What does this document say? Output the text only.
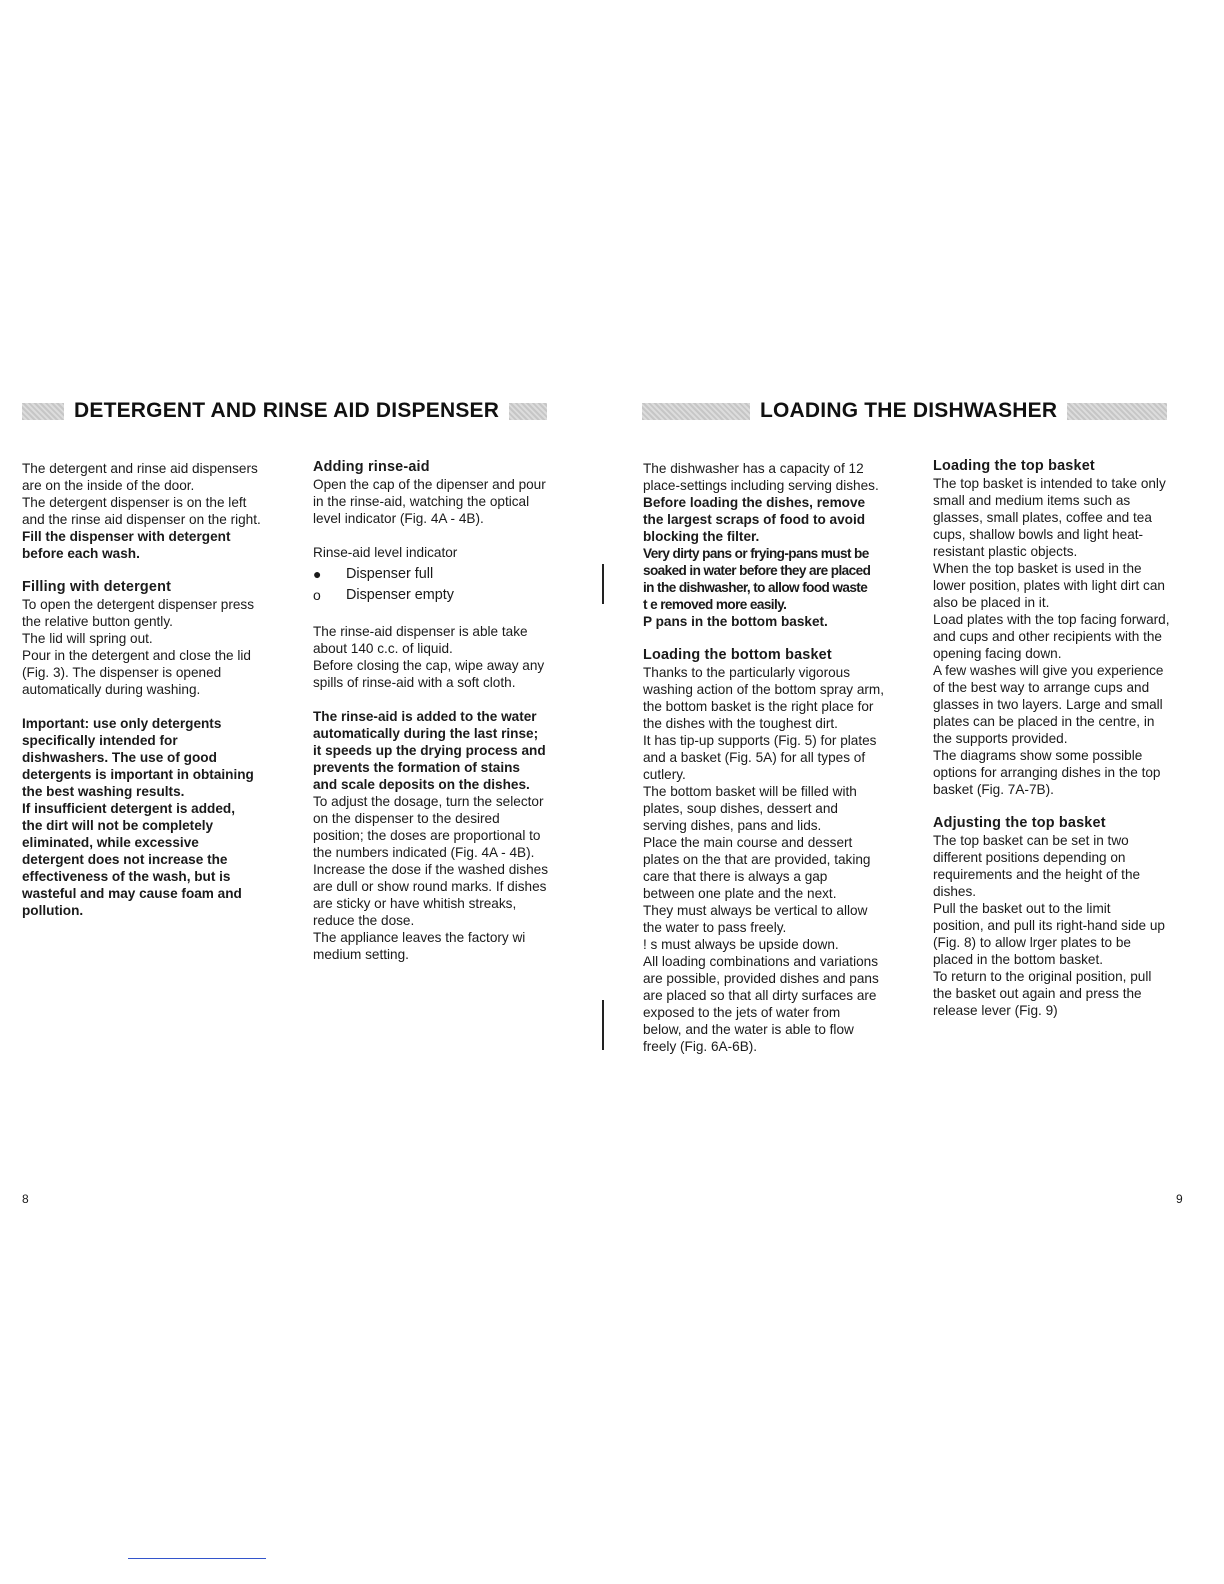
DETERGENT AND RINSE AID DISPENSER

The detergent and rinse aid dispensers

are on the inside of the door.

The detergent dispenser is on the left

and the rinse aid dispenser on the right.

Fill the dispenser with detergent

before each wash.

Filling with detergent

To open the detergent dispenser press

the relative button gently.

The lid will spring out.

Pour in the detergent and close the lid

(Fig. 3). The dispenser is opened

automatically during washing.

Important: use only detergents

specifically intended for

dishwashers. The use of good

detergents is important in obtaining

the best washing results.

If insufficient detergent is added,

the dirt will not be completely

eliminated, while excessive

detergent does not increase the

effectiveness of the wash, but is

wasteful and may cause foam and

pollution.

Adding rinse-aid

Open the cap of the dipenser and pour

in the rinse-aid, watching the optical

level indicator (Fig. 4A - 4B).

Rinse-aid level indicator

●	Dispenser full
o	Dispenser empty

The rinse-aid dispenser is able take

about 140 c.c. of liquid.

Before closing the cap, wipe away any

spills of rinse-aid with a soft cloth.

The rinse-aid is added to the water

automatically during the last rinse;

it speeds up the drying process and

prevents the formation of stains

and scale deposits on the dishes.

To adjust the dosage, turn the selector

on the dispenser to the desired

position; the doses are proportional to

the numbers indicated (Fig. 4A - 4B).

Increase the dose if the washed dishes

are dull or show round marks. If dishes

are sticky or have whitish streaks,

reduce the dose.

The appliance leaves the factory wi

medium setting.

8
LOADING THE DISHWASHER

The dishwasher has a capacity of 12

place-settings including serving dishes.

Before loading the dishes, remove

the largest scraps of food to avoid

blocking the filter.

Very dirty pans or frying-pans must be

soaked in water before they are placed

in the dishwasher, to allow food waste

t e removed more easily.

P pans in the bottom basket.

Loading the bottom basket

Thanks to the particularly vigorous

washing action of the bottom spray arm,

the bottom basket is the right place for

the dishes with the toughest dirt.

It has tip-up supports (Fig. 5) for plates

and a basket (Fig. 5A) for all types of

cutlery.

The bottom basket will be filled with

plates, soup dishes, dessert and

serving dishes, pans and lids.

Place the main course and dessert

plates on the that are provided, taking

care that there is always a gap

between one plate and the next.

They must always be vertical to allow

the water to pass freely.

! s must always be upside down.

All loading combinations and variations

are possible, provided dishes and pans

are placed so that all dirty surfaces are

exposed to the jets of water from

below, and the water is able to flow

freely (Fig. 6A-6B).

Loading the top basket

The top basket is intended to take only

small and medium items such as

glasses, small plates, coffee and tea

cups, shallow bowls and light heat-

resistant plastic objects.

When the top basket is used in the

lower position, plates with light dirt can

also be placed in it.

Load plates with the top facing forward,

and cups and other recipients with the

opening facing down.

A few washes will give you experience

of the best way to arrange cups and

glasses in two layers. Large and small

plates can be placed in the centre, in

the supports provided.

The diagrams show some possible

options for arranging dishes in the top

basket (Fig. 7A-7B).

Adjusting the top basket

The top basket can be set in two

different positions depending on

requirements and the height of the

dishes.

Pull the basket out to the limit

position, and pull its right-hand side up

(Fig. 8) to allow lrger plates to be

placed in the bottom basket.

To return to the original position, pull

the basket out again and press the

release lever (Fig. 9)

9
